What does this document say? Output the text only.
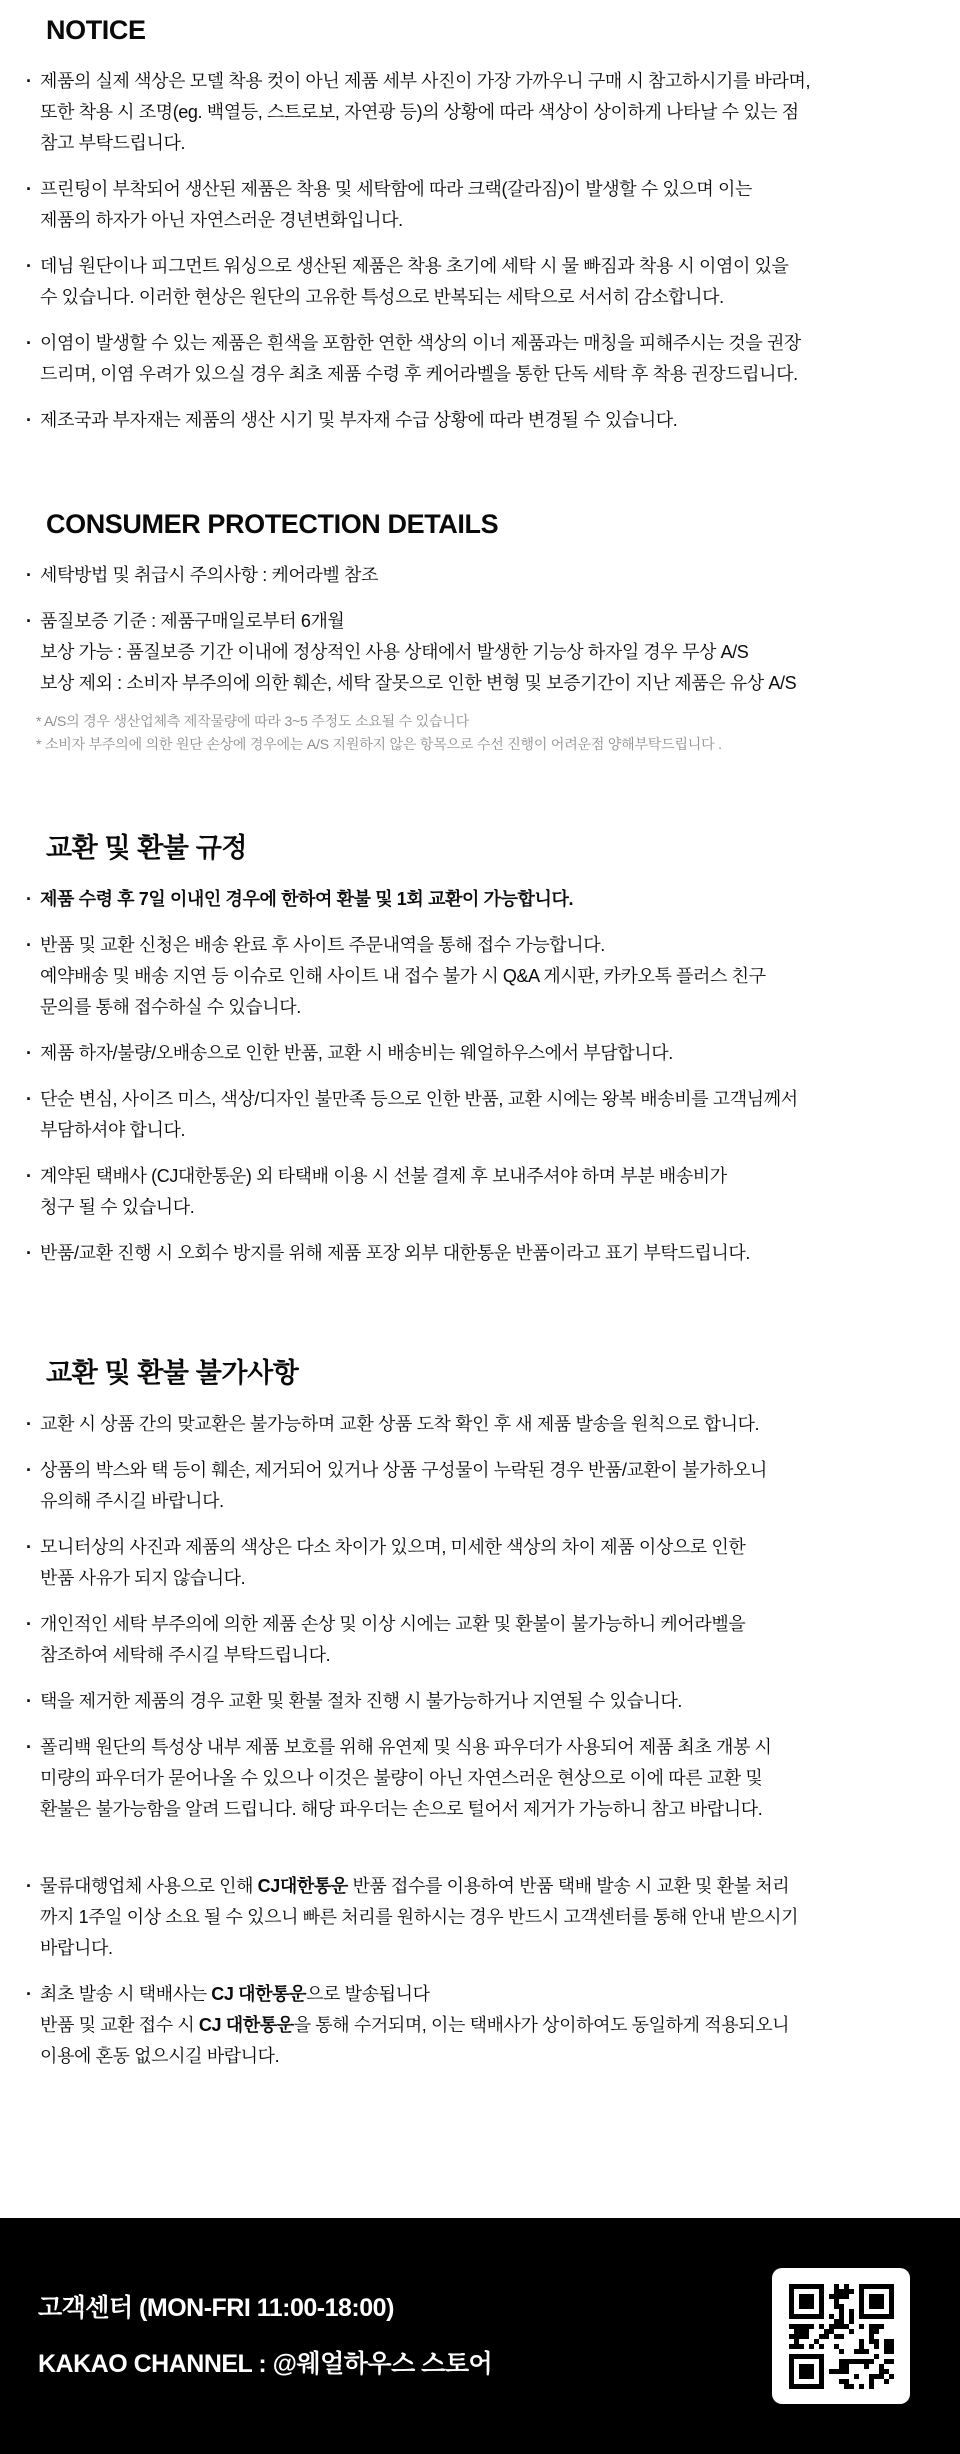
NOTICE
· 제품의 실제 색상은 모델 착용 컷이 아닌 제품 세부 사진이 가장 가까우니 구매 시 참고하시기를 바라며,
또한 착용 시 조명(eg. 백열등, 스트로보, 자연광 등)의 상황에 따라 색상이 상이하게 나타날 수 있는 점
참고 부탁드립니다.
· 프린팅이 부착되어 생산된 제품은 착용 및 세탁함에 따라 크랙(갈라짐)이 발생할 수 있으며 이는
제품의 하자가 아닌 자연스러운 경년변화입니다.
· 데님 원단이나 피그먼트 워싱으로 생산된 제품은 착용 초기에 세탁 시 물 빠짐과 착용 시 이염이 있을
수 있습니다. 이러한 현상은 원단의 고유한 특성으로 반복되는 세탁으로 서서히 감소합니다.
· 이염이 발생할 수 있는 제품은 흰색을 포함한 연한 색상의 이너 제품과는 매칭을 피해주시는 것을 권장
드리며, 이염 우려가 있으실 경우 최초 제품 수령 후 케어라벨을 통한 단독 세탁 후 착용 권장드립니다.
· 제조국과 부자재는 제품의 생산 시기 및 부자재 수급 상황에 따라 변경될 수 있습니다.
CONSUMER PROTECTION DETAILS
· 세탁방법 및 취급시 주의사항 : 케어라벨 참조
· 품질보증 기준 : 제품구매일로부터 6개월
보상 가능 : 품질보증 기간 이내에 정상적인 사용 상태에서 발생한 기능상 하자일 경우 무상 A/S
보상 제외 : 소비자 부주의에 의한 훼손, 세탁 잘못으로 인한 변형 및 보증기간이 지난 제품은 유상 A/S
* A/S의 경우 생산업체측 제작물량에 따라 3~5 주정도 소요될 수 있습니다
* 소비자 부주의에 의한 원단 손상에 경우에는 A/S 지원하지 않은 항목으로 수선 진행이 어려운점 양해부탁드립니다 .
교환 및 환불 규정
· 제품 수령 후 7일 이내인 경우에 한하여 환불 및 1회 교환이 가능합니다.
· 반품 및 교환 신청은 배송 완료 후 사이트 주문내역을 통해 접수 가능합니다.
예약배송 및 배송 지연 등 이슈로 인해 사이트 내 접수 불가 시 Q&A 게시판, 카카오톡 플러스 친구
문의를 통해 접수하실 수 있습니다.
· 제품 하자/불량/오배송으로 인한 반품, 교환 시 배송비는 웨얼하우스에서 부담합니다.
· 단순 변심, 사이즈 미스, 색상/디자인 불만족 등으로 인한 반품, 교환 시에는 왕복 배송비를 고객님께서
부담하셔야 합니다.
· 계약된 택배사 (CJ대한통운) 외 타택배 이용 시 선불 결제 후 보내주셔야 하며 부분 배송비가
청구 될 수 있습니다.
· 반품/교환 진행 시 오회수 방지를 위해 제품 포장 외부 대한통운 반품이라고 표기 부탁드립니다.
교환 및 환불 불가사항
· 교환 시 상품 간의 맞교환은 불가능하며 교환 상품 도착 확인 후 새 제품 발송을 원칙으로 합니다.
· 상품의 박스와 택 등이 훼손, 제거되어 있거나 상품 구성물이 누락된 경우 반품/교환이 불가하오니
유의해 주시길 바랍니다.
· 모니터상의 사진과 제품의 색상은 다소 차이가 있으며, 미세한 색상의 차이 제품 이상으로 인한
반품 사유가 되지 않습니다.
· 개인적인 세탁 부주의에 의한 제품 손상 및 이상 시에는 교환 및 환불이 불가능하니 케어라벨을
참조하여 세탁해 주시길 부탁드립니다.
· 택을 제거한 제품의 경우 교환 및 환불 절차 진행 시 불가능하거나 지연될 수 있습니다.
· 폴리백 원단의 특성상 내부 제품 보호를 위해 유연제 및 식용 파우더가 사용되어 제품 최초 개봉 시
미량의 파우더가 묻어나올 수 있으나 이것은 불량이 아닌 자연스러운 현상으로 이에 따른 교환 및
환불은 불가능함을 알려 드립니다. 해당 파우더는 손으로 털어서 제거가 가능하니 참고 바랍니다.
· 물류대행업체 사용으로 인해 CJ대한통운 반품 접수를 이용하여 반품 택배 발송 시 교환 및 환불 처리
까지 1주일 이상 소요 될 수 있으니 빠른 처리를 원하시는 경우 반드시 고객센터를 통해 안내 받으시기
바랍니다.
· 최초 발송 시 택배사는 CJ 대한통운으로 발송됩니다
반품 및 교환 접수 시 CJ 대한통운을 통해 수거되며, 이는 택배사가 상이하여도 동일하게 적용되오니
이용에 혼동 없으시길 바랍니다.
고객센터 (MON-FRI 11:00-18:00)
KAKAO CHANNEL : @웨얼하우스 스토어
